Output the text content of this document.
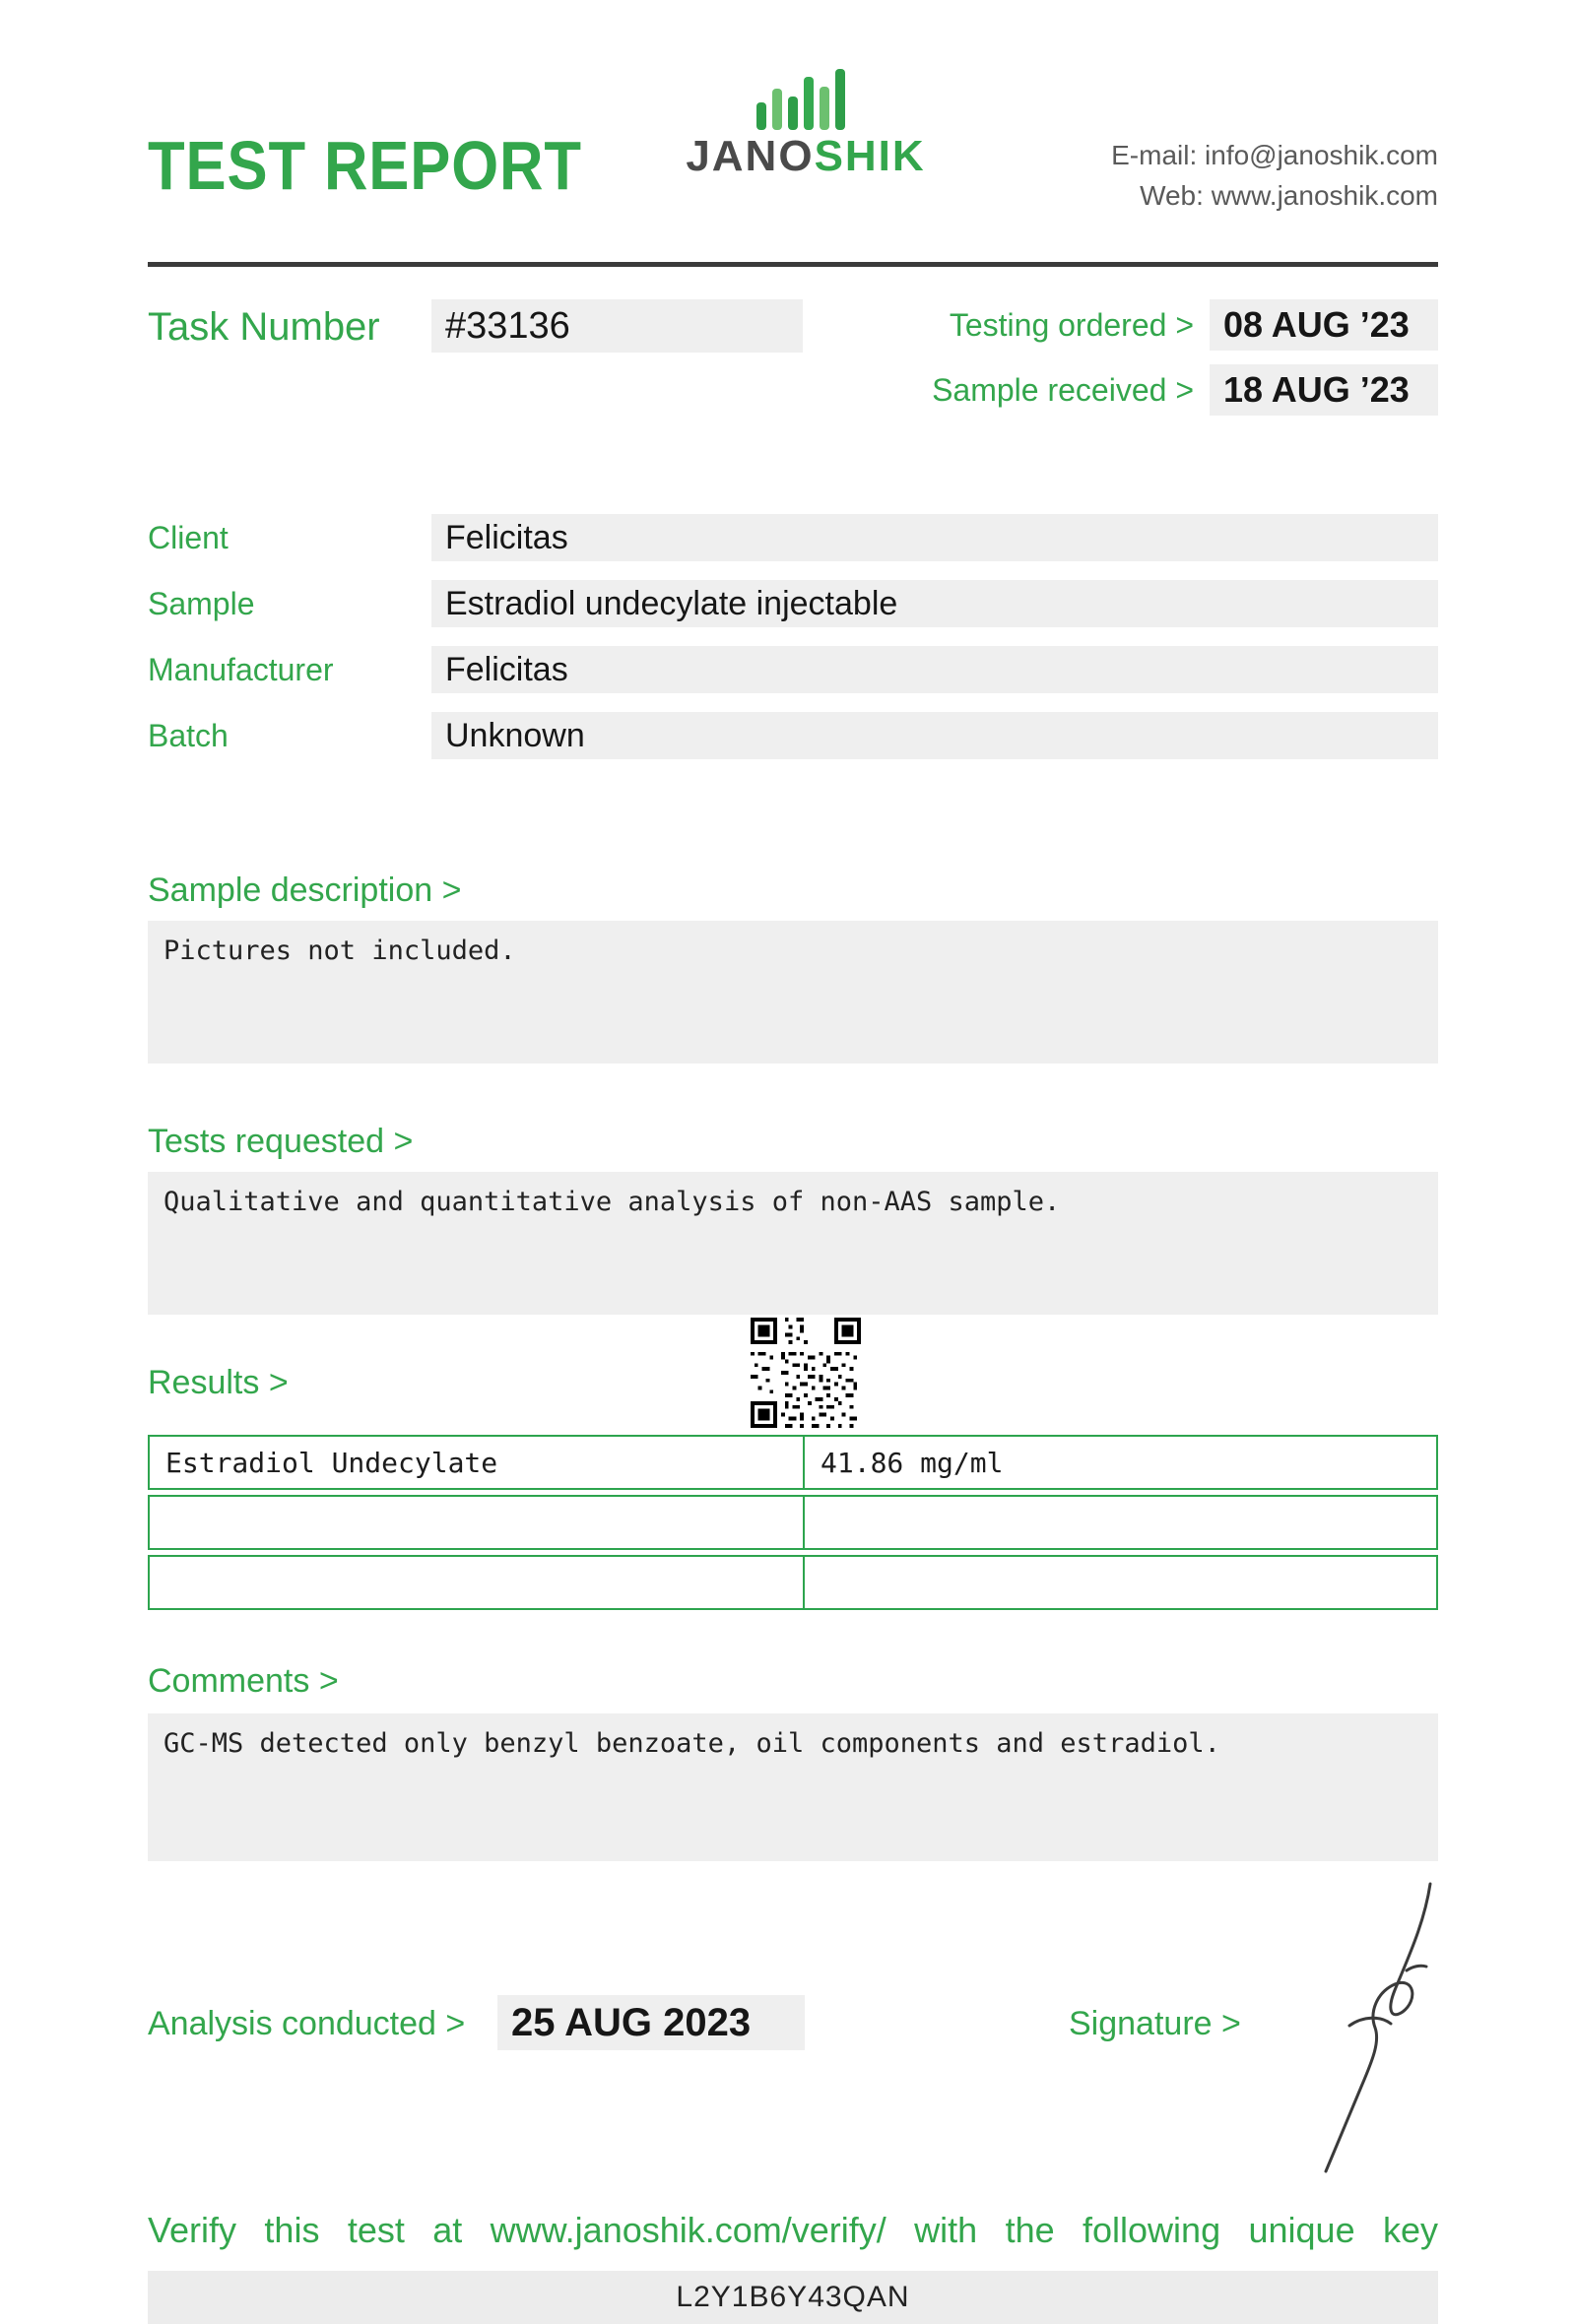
TEST REPORT JANOSHIK	E-mail: info@janoshik.com
Web: www.janoshik.com
Task Number	#33136	Testing ordered > 08 AUG ’23
Sample received > 18 AUG ’23
Client	Felicitas
Sample	Estradiol undecylate injectable
Manufacturer	Felicitas
Batch	Unknown
Sample description >
Pictures not included.
Tests requested >
Qualitative and quantitative analysis of non-AAS sample.
Results >
Estradiol Undecylate	41.86 mg/ml

Comments >
GC-MS detected only benzyl benzoate, oil components and estradiol.
Analysis conducted >	25 AUG 2023	Signature >
Verify this test at www.janoshik.com/verify/ with the following unique key
L2Y1B6Y43QAN
